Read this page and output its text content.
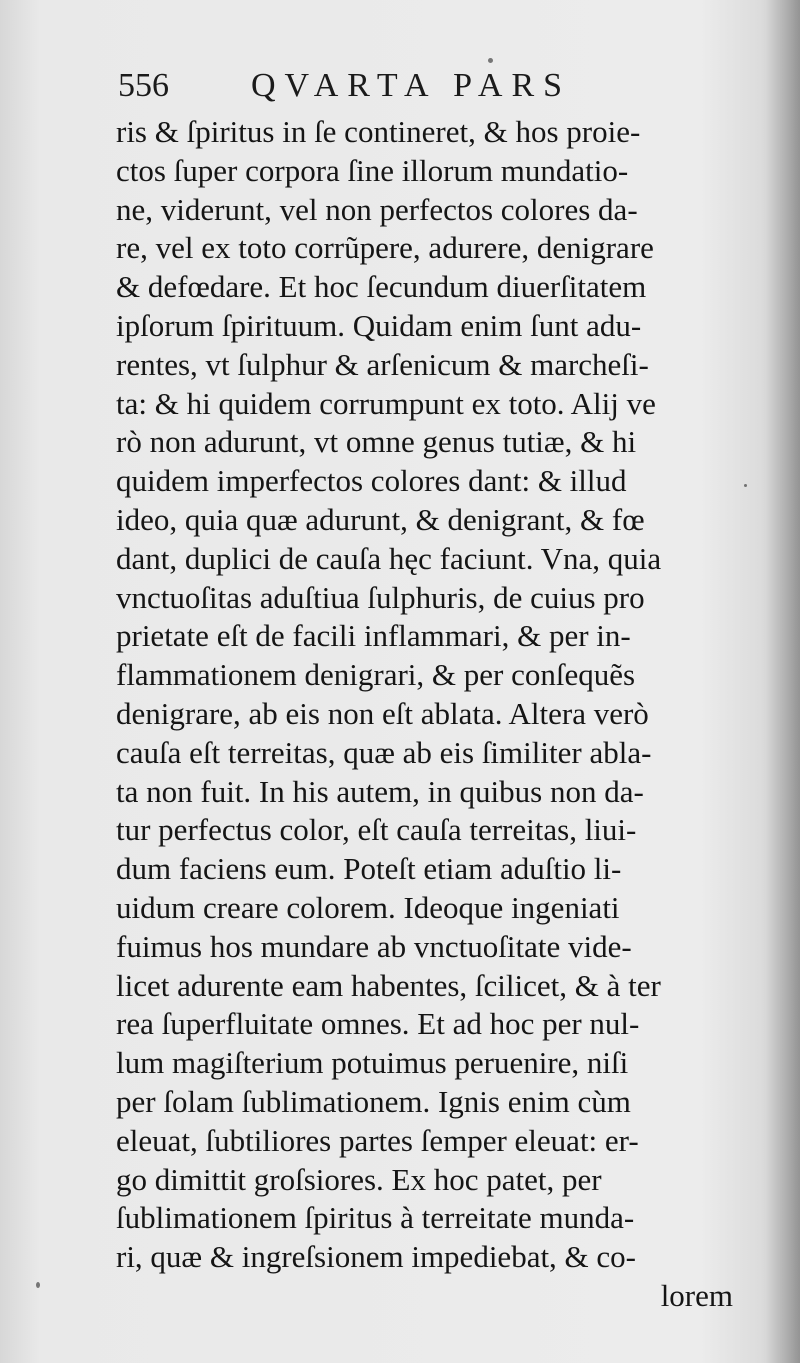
556 QVARTA PARS
ris & ſpiritus in ſe contineret, & hos proie-
ctos ſuper corpora ſine illorum mundatio-
ne, viderunt, vel non perfectos colores da-
re, vel ex toto corrũpere, adurere, denigrare
& defœdare. Et hoc ſecundum diuerſitatem
ipſorum ſpirituum. Quidam enim ſunt adu-
rentes, vt ſulphur & arſenicum & marcheſi-
ta: & hi quidem corrumpunt ex toto. Alij ve
rò non adurunt, vt omne genus tutiæ, & hi
quidem imperfectos colores dant: & illud
ideo, quia quæ adurunt, & denigrant, & fœ
dant, duplici de cauſa hęc faciunt. Vna, quia
vnctuoſitas aduſtiua ſulphuris, de cuius pro
prietate eſt de facili inflammari, & per in-
flammationem denigrari, & per conſequẽs
denigrare, ab eis non eſt ablata. Altera verò
cauſa eſt terreitas, quæ ab eis ſimiliter abla-
ta non fuit. In his autem, in quibus non da-
tur perfectus color, eſt cauſa terreitas, liui-
dum faciens eum. Poteſt etiam aduſtio li-
uidum creare colorem. Ideoque ingeniati
fuimus hos mundare ab vnctuoſitate vide-
licet adurente eam habentes, ſcilicet, & à ter
rea ſuperfluitate omnes. Et ad hoc per nul-
lum magiſterium potuimus peruenire, niſi
per ſolam ſublimationem. Ignis enim cùm
eleuat, ſubtiliores partes ſemper eleuat: er-
go dimittit groſsiores. Ex hoc patet, per
ſublimationem ſpiritus à terreitate munda-
ri, quæ & ingreſsionem impediebat, & co-
lorem
